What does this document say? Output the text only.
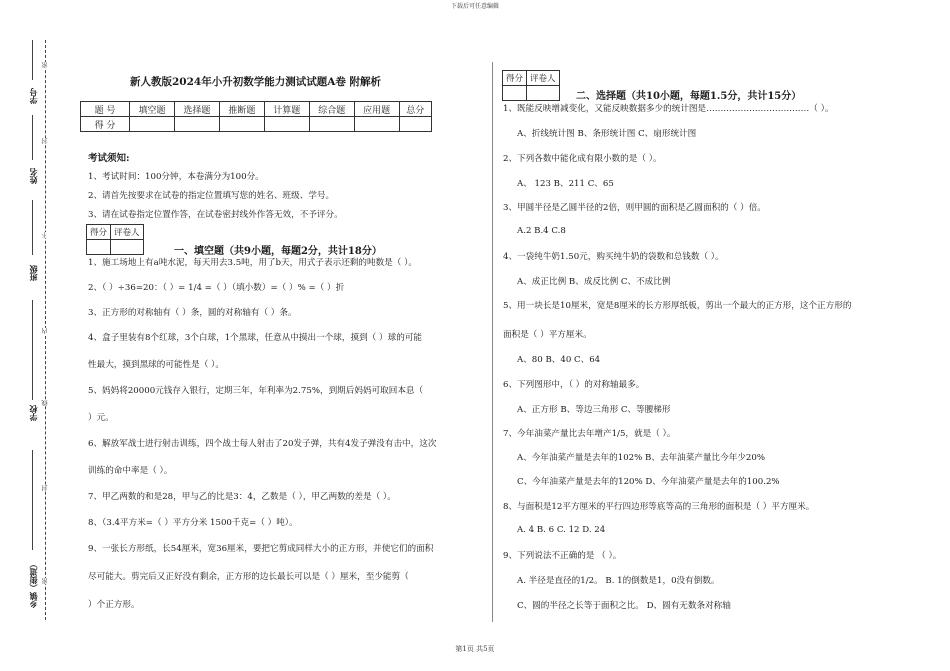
下载后可任意编辑
学号
姓名
班级
学校
乡镇（街道）
密
封
不
内
线
封
密
新人教版2024年小升初数学能力测试试题A卷 附解析
题 号	填空题	选择题	推断题	计算题	综合题	应用题	总分
得 分							
考试须知:
1、考试时间：100分钟，本卷满分为100分。
2、请首先按要求在试卷的指定位置填写您的姓名、班级、学号。
3、请在试卷指定位置作答，在试卷密封线外作答无效，不予评分。
得分	评卷人

一、填空题（共9小题，每题2分，共计18分）
1、施工场地上有a吨水泥，每天用去3.5吨，用了b天，用式子表示还剩的吨数是（ ）。
2、（ ）÷36=20：（ ）= 1/4 =（ ）（填小数）=（ ）% =（ ）折
3、正方形的对称轴有（ ）条，圆的对称轴有（ ）条。
4、盒子里装有8个红球，3个白球，1个黑球，任意从中摸出一个球，摸到（ ）球的可能
性最大，摸到黑球的可能性是（ ）。
5、妈妈将20000元钱存入银行，定期三年，年利率为2.75%，到期后妈妈可取回本息（
）元。
6、解放军战士进行射击训练，四个战士每人射击了20发子弹，共有4发子弹没有击中，这次
训练的命中率是（ ）。
7、甲乙两数的和是28，甲与乙的比是3：4，乙数是（ ），甲乙两数的差是（ ）。
8、（3.4平方米=（ ）平方分米 1500千克=（ ）吨）。
9、一张长方形纸，长54厘米，宽36厘米，要把它剪成同样大小的正方形，并使它们的面积
尽可能大。剪完后又正好没有剩余，正方形的边长最长可以是（ ）厘米，至少能剪（
）个正方形。
得分	评卷人

二、选择题（共10小题，每题1.5分，共计15分）
1、既能反映增减变化，又能反映数据多少的统计图是………………………………（ ）。
A、折线统计图 B、条形统计图 C、扇形统计图
2、下列各数中能化成有限小数的是（ ）。
A、 123 B、211 C、65
3、甲圆半径是乙圆半径的2倍，则甲圆的面积是乙圆面积的（ ）倍。
A.2 B.4 C.8
4、一袋纯牛奶1.50元，购买纯牛奶的袋数和总钱数（ ）。
A、成正比例 B、成反比例 C、不成比例
5、用一块长是10厘米，宽是8厘米的长方形厚纸板，剪出一个最大的正方形，这个正方形的
面积是（ ）平方厘米。
A、80 B、40 C、64
6、下列图形中，（ ）的对称轴最多。
A、正方形 B、等边三角形 C、等腰梯形
7、今年油菜产量比去年增产1/5，就是（ ）。
A、今年油菜产量是去年的102% B、去年油菜产量比今年少20%
C、今年油菜产量是去年的120% D、今年油菜产量是去年的100.2%
8、与面积是12平方厘米的平行四边形等底等高的三角形的面积是（ ）平方厘米。
A. 4 B. 6 C. 12 D. 24
9、下列说法不正确的是 （ ）。
A. 半径是直径的1/2。 B. 1的倒数是1，0没有倒数。
C、圆的半径之长等于面积之比。 D、圆有无数条对称轴
第1页 共5页
